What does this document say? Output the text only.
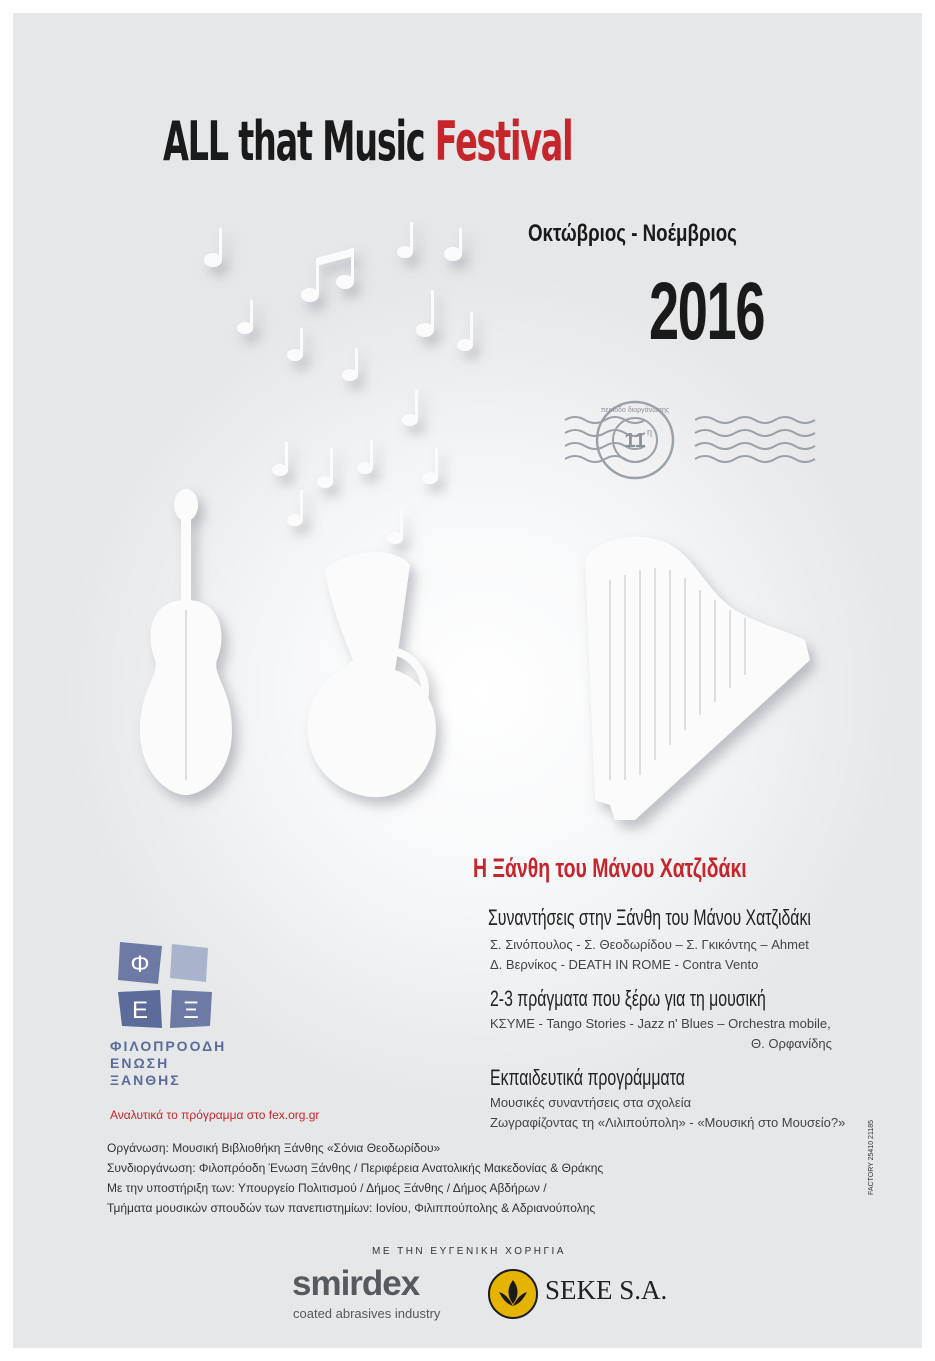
ALL that Music Festival
Οκτώβριος - Νοέμβριος
2016
11 η
περίοδο διοργάνωσης
Η Ξάνθη του Μάνου Χατζιδάκι
Συναντήσεις στην Ξάνθη του Μάνου Χατζιδάκι
Σ. Σινόπουλος - Σ. Θεοδωρίδου – Σ. Γκικόντης – Ahmet
Δ. Βερνίκος - DEATH IN ROME - Contra Vento
2-3 πράγματα που ξέρω για τη μουσική
ΚΣΥΜΕ - Tango Stories - Jazz n' Blues – Orchestra mobile,
Θ. Ορφανίδης
Εκπαιδευτικά προγράμματα
Μουσικές συναντήσεις στα σχολεία
Ζωγραφίζοντας τη «Λιλιπούπολη» - «Μουσική στο Μουσείο?»
Φ
Ε Ξ
ΦΙΛΟΠΡΟΟΔΗ
ΕΝΩΣΗ
ΞΑΝΘΗΣ
Αναλυτικά το πρόγραμμα στο fex.org.gr
Οργάνωση: Μουσική Βιβλιοθήκη Ξάνθης «Σόνια Θεοδωρίδου»
Συνδιοργάνωση: Φιλοπρόοδη Ένωση Ξάνθης / Περιφέρεια Ανατολικής Μακεδονίας & Θράκης
Με την υποστήριξη των: Υπουργείο Πολιτισμού / Δήμος Ξάνθης / Δήμος Αβδήρων /
Τμήματα μουσικών σπουδών των πανεπιστημίων: Ιονίου, Φιλιππούπολης & Αδριανούπολης
ΜΕ ΤΗΝ ΕΥΓΕΝΙΚΗ ΧΟΡΗΓΙΑ
smirdex
coated abrasives industry
SEKE S.A.
FACTORY 25410 21185
